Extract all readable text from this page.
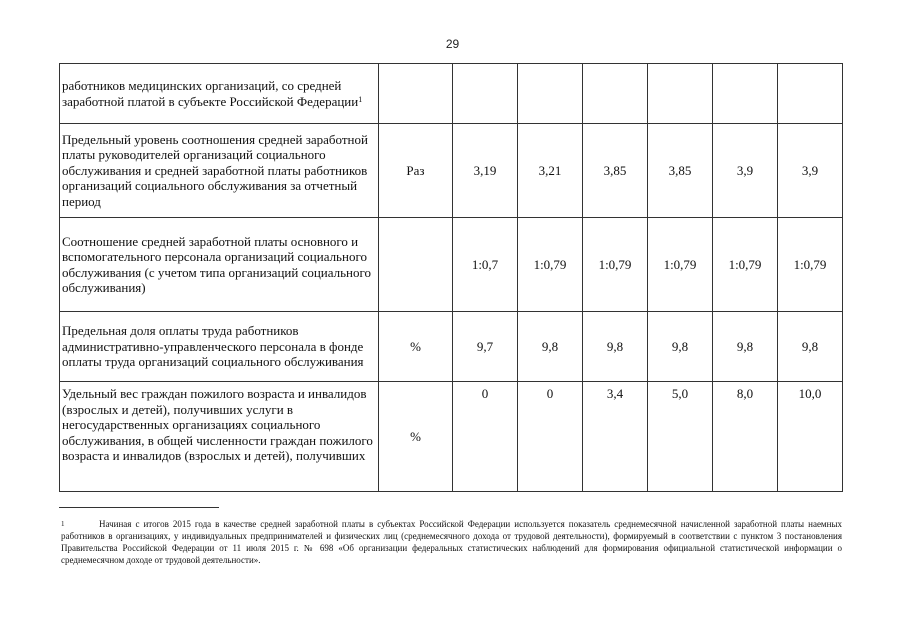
29
работников медицинских организаций, со средней заработной платой в субъекте Российской Федерации$^1$							
Предельный уровень соотношения средней заработной платы руководителей организаций социального обслуживания и средней заработной платы работников организаций социального обслуживания за отчетный период	Раз	3,19	3,21	3,85	3,85	3,9	3,9
Соотношение средней заработной платы основного и вспомогательного персонала организаций социального обслуживания (с учетом типа организаций социального обслуживания)		1:0,7	1:0,79	1:0,79	1:0,79	1:0,79	1:0,79
Предельная доля оплаты труда работников административно-управленческого персонала в фонде оплаты труда организаций социального обслуживания	%	9,7	9,8	9,8	9,8	9,8	9,8
Удельный вес граждан пожилого возраста и инвалидов (взрослых и детей), получивших услуги в негосударственных организациях социального обслуживания, в общей численности граждан пожилого возраста и инвалидов (взрослых и детей), получивших	%	0	0	3,4	5,0	8,0	10,0
1	Начиная с итогов 2015 года в качестве средней заработной платы в субъектах Российской Федерации используется показатель среднемесячной начисленной заработной платы наемных работников в организациях, у индивидуальных предпринимателей и физических лиц (среднемесячного дохода от трудовой деятельности), формируемый в соответствии с пунктом 3 постановления Правительства Российской Федерации от 11 июля 2015 г. № 698 «Об организации федеральных статистических наблюдений для формирования официальной статистической информации о среднемесячном доходе от трудовой деятельности».
